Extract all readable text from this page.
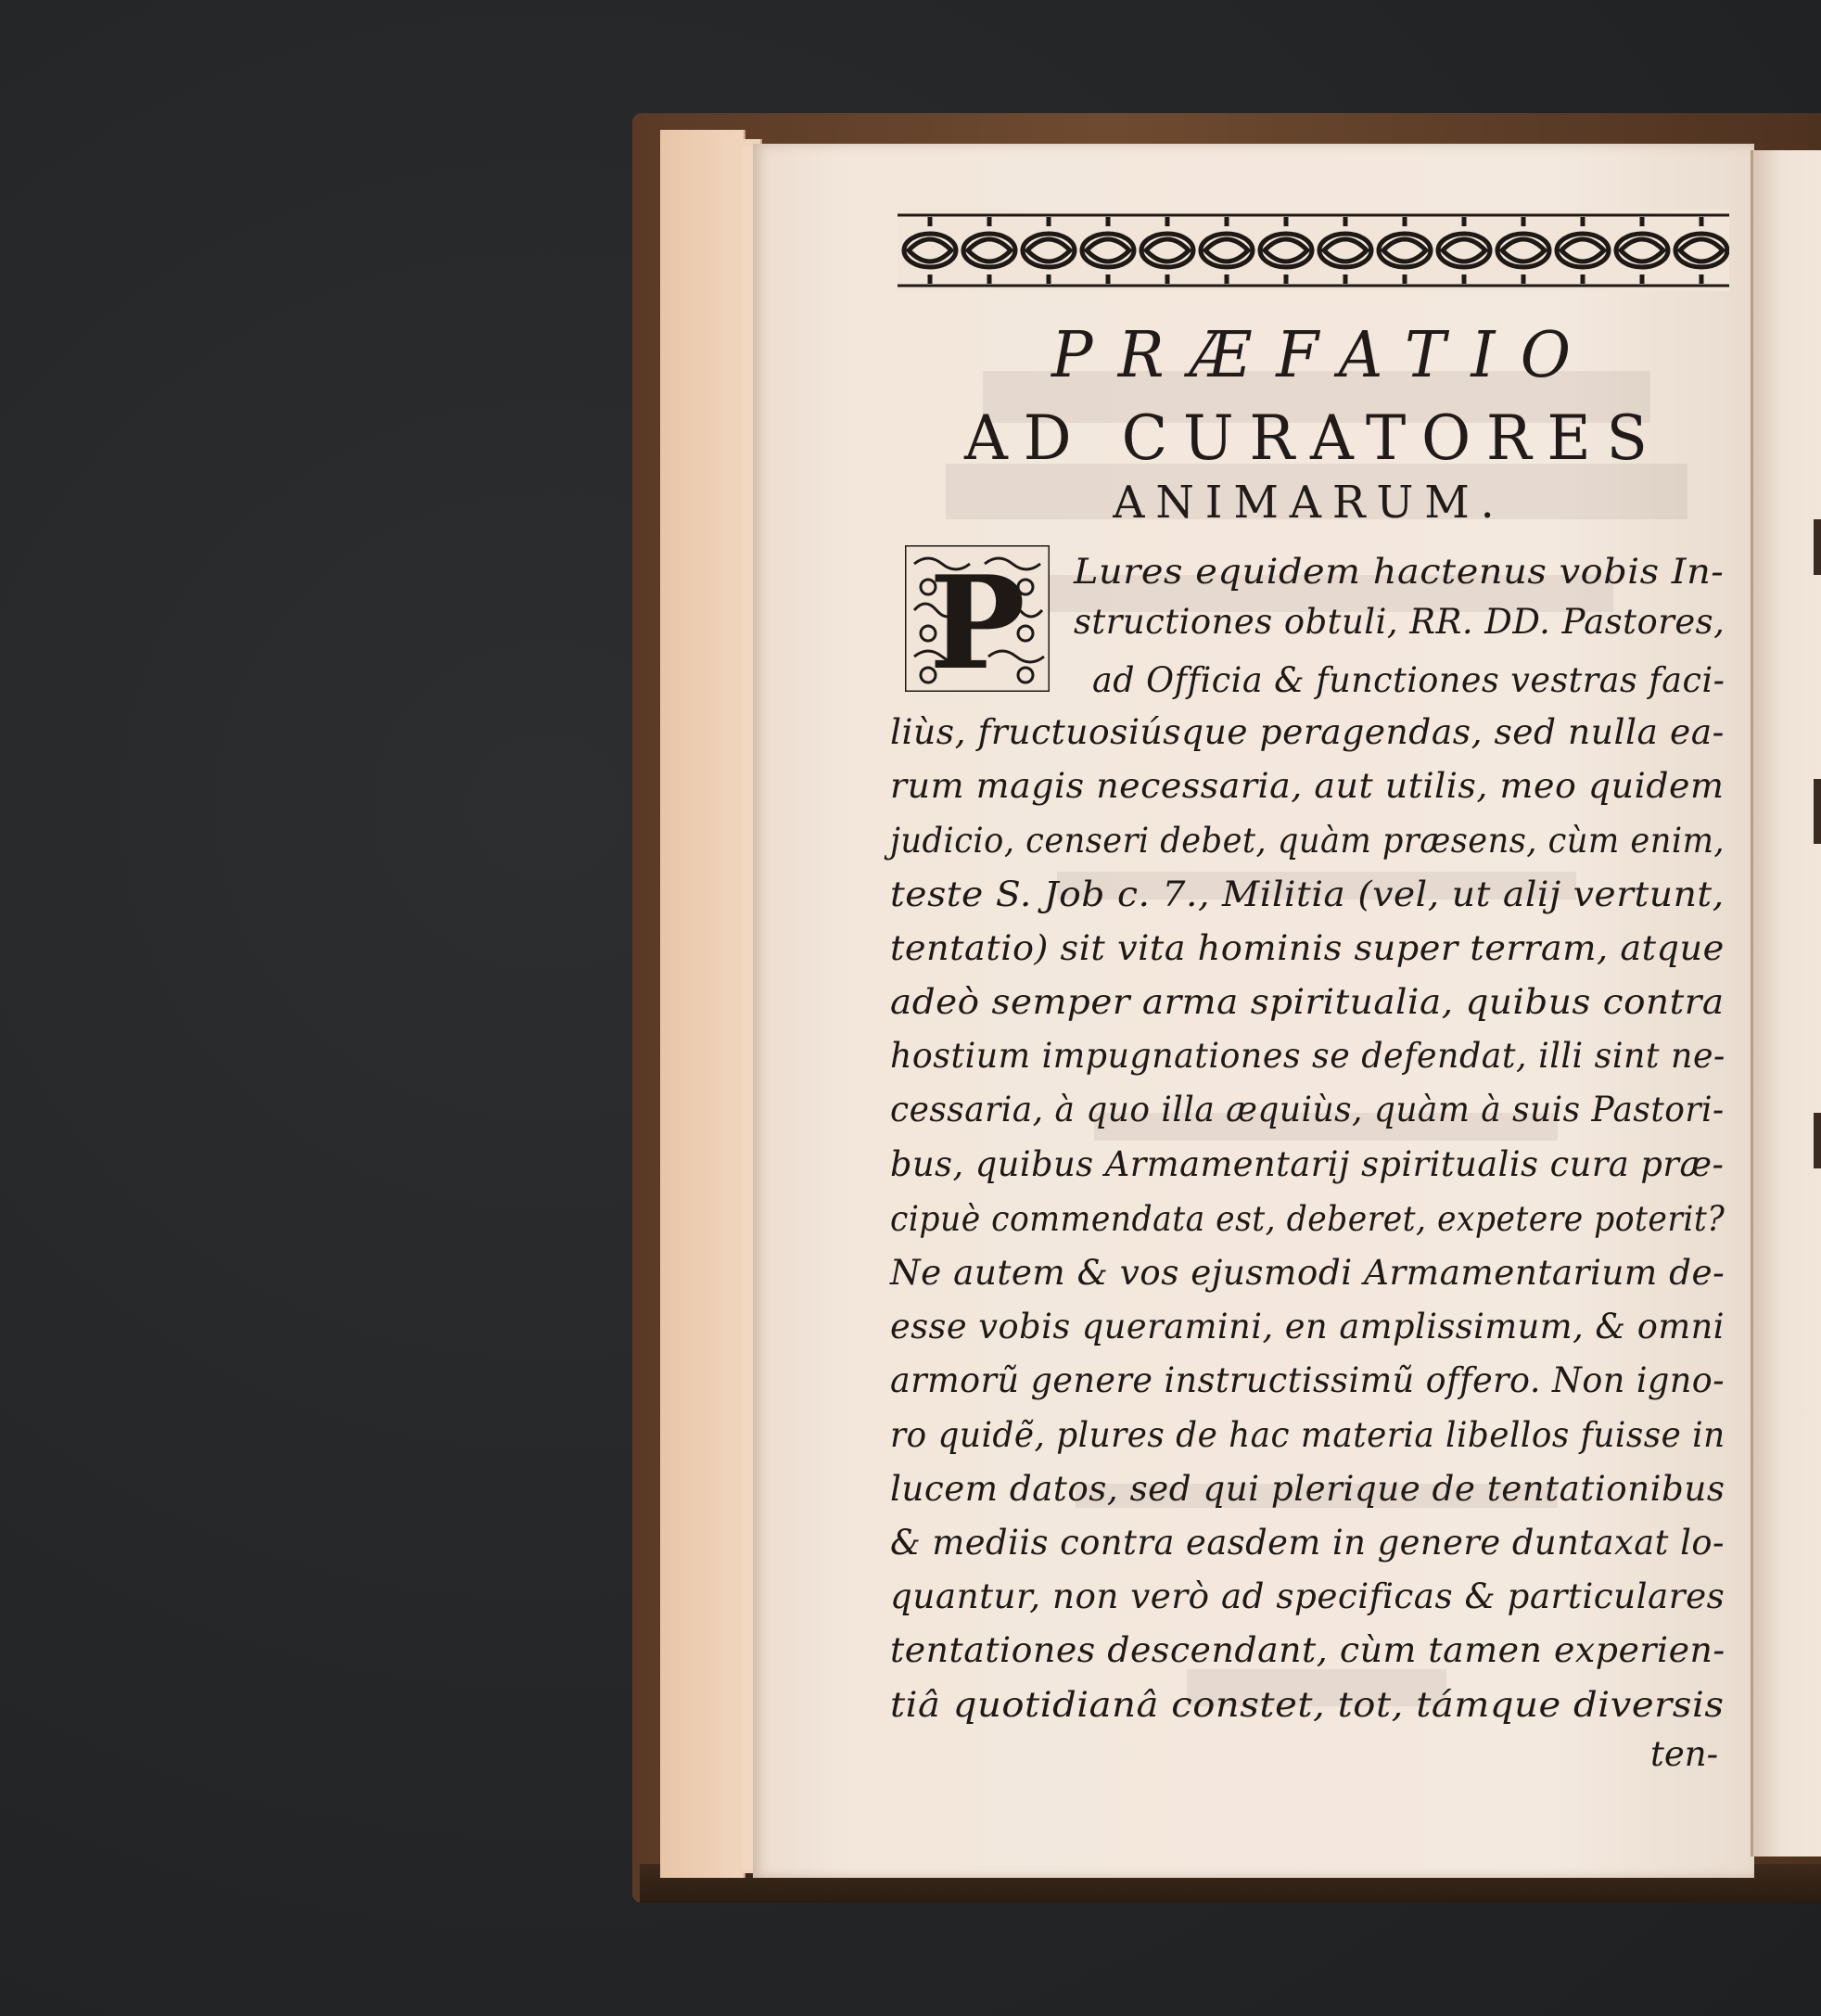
PRÆFATIO
AD CURATORES
ANIMARUM.
P Lures equidem hactenus vobis In-
structiones obtuli, RR. DD. Pastores,
ad Officia & functiones vestras faci-
liùs, fructuosiúsque peragendas, sed nulla ea-
rum magis necessaria, aut utilis, meo quidem
judicio, censeri debet, quàm præsens, cùm enim,
teste S. Job c. 7., Militia (vel, ut alij vertunt,
tentatio) sit vita hominis super terram, atque
adeò semper arma spiritualia, quibus contra
hostium impugnationes se defendat, illi sint ne-
cessaria, à quo illa æquiùs, quàm à suis Pastori-
bus, quibus Armamentarij spiritualis cura præ-
cipuè commendata est, deberet, expetere poterit?
Ne autem & vos ejusmodi Armamentarium de-
esse vobis queramini, en amplissimum, & omni
armorũ genere instructissimũ offero. Non igno-
ro quidẽ, plures de hac materia libellos fuisse in
lucem datos, sed qui plerique de tentationibus
& mediis contra easdem in genere duntaxat lo-
quantur, non verò ad specificas & particulares
tentationes descendant, cùm tamen experien-
tiâ quotidianâ constet, tot, támque diversis
ten-
